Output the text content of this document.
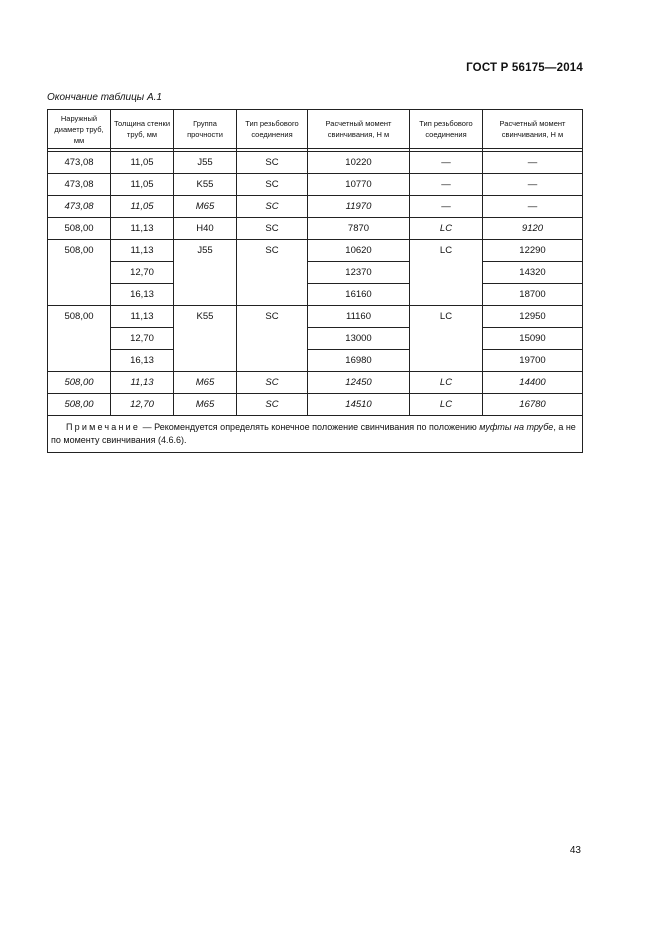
ГОСТ Р 56175—2014
Окончание таблицы А.1
Наружный диаметр труб, мм	Толщина стенки труб, мм	Группа прочности	Тип резьбового соединения	Расчетный момент свинчивания, Н м	Тип резьбового соединения	Расчетный момент свинчивания, Н м

473,08	11,05	J55	SC	10220	—	—
473,08	11,05	K55	SC	10770	—	—
473,08	11,05	M65	SC	11970	—	—
508,00	11,13	H40	SC	7870	LC	9120
508,00	11,13	J55	SC	10620	LC	12290
	12,70			12370		14320
	16,13			16160		18700
508,00	11,13	K55	SC	11160	LC	12950
	12,70			13000		15090
	16,13			16980		19700
508,00	11,13	M65	SC	12450	LC	14400
508,00	12,70	M65	SC	14510	LC	16780
Примечание — Рекомендуется определять конечное положение свинчивания по положению муфты на трубе, а не по моменту свинчивания (4.6.6).						
43
